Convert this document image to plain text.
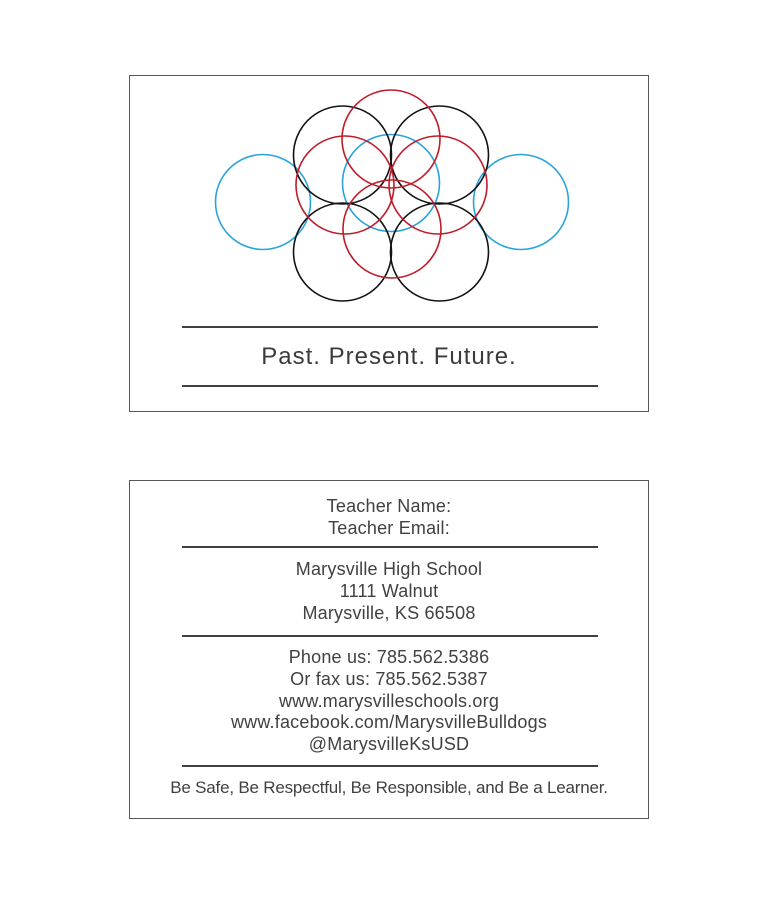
Past. Present. Future.
Teacher Name:
Teacher Email:
Marysville High School
1111 Walnut
Marysville, KS 66508
Phone us: 785.562.5386
Or fax us: 785.562.5387
www.marysvilleschools.org
www.facebook.com/MarysvilleBulldogs
@MarysvilleKsUSD
Be Safe, Be Respectful, Be Responsible, and Be a Learner.
